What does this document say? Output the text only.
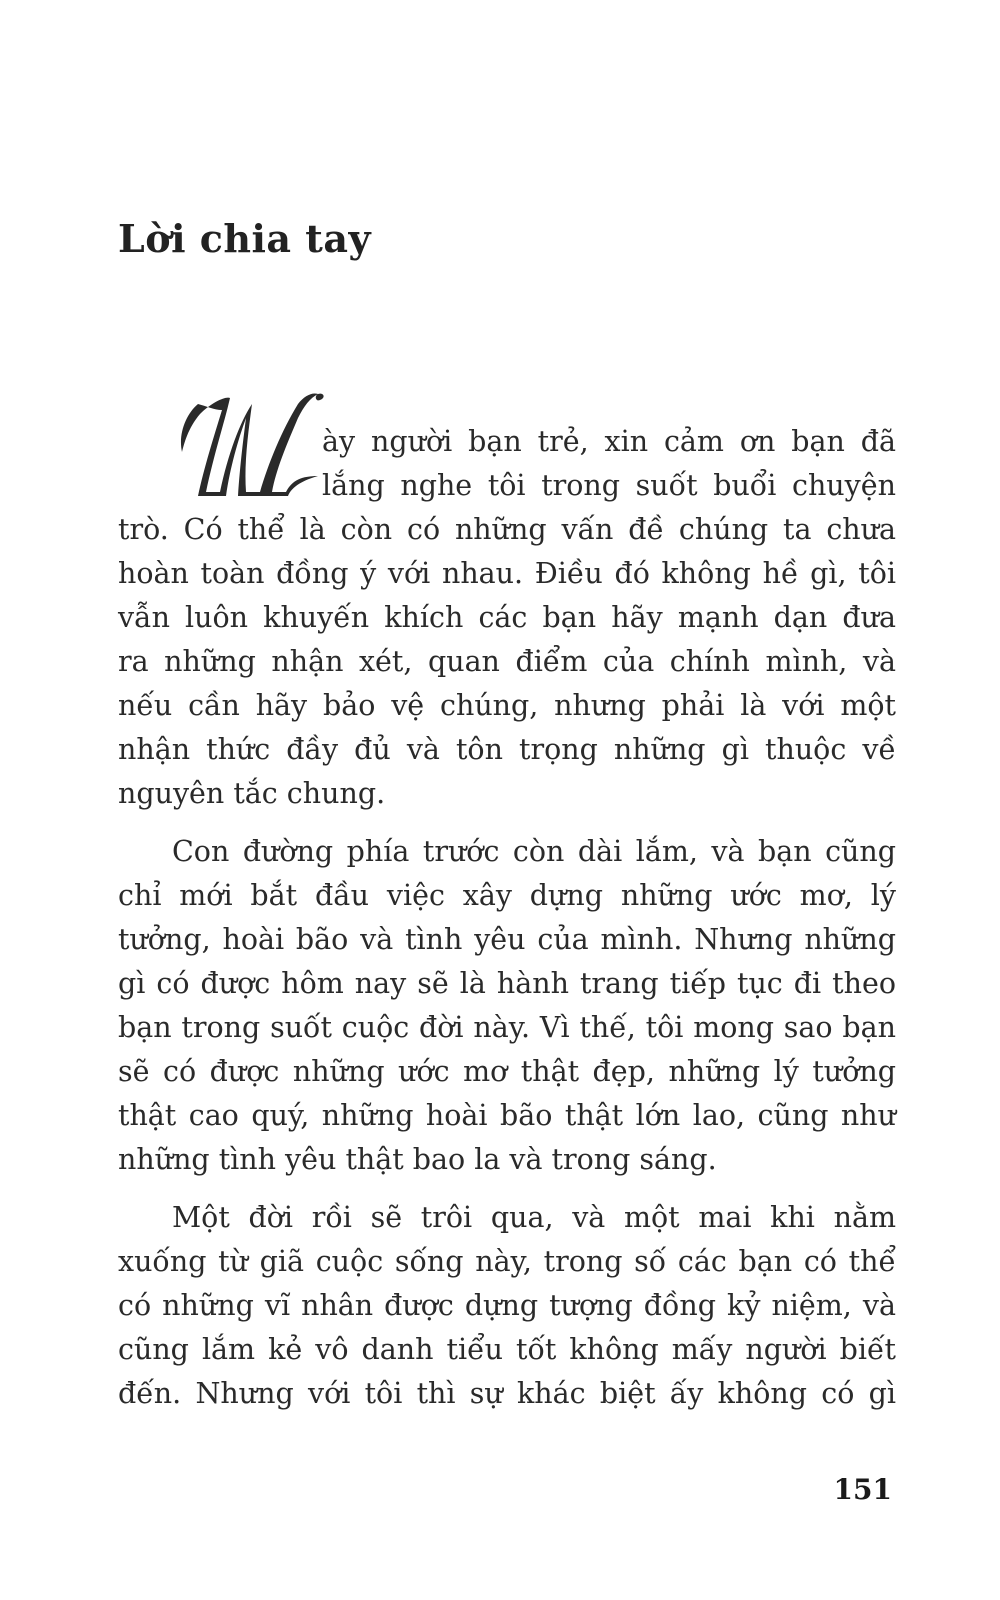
Lời chia tay
ày người bạn trẻ, xin cảm ơn bạn đã
lắng nghe tôi trong suốt buổi chuyện
trò. Có thể là còn có những vấn đề chúng ta chưa
hoàn toàn đồng ý với nhau. Điều đó không hề gì, tôi
vẫn luôn khuyến khích các bạn hãy mạnh dạn đưa
ra những nhận xét, quan điểm của chính mình, và
nếu cần hãy bảo vệ chúng, nhưng phải là với một
nhận thức đầy đủ và tôn trọng những gì thuộc về
nguyên tắc chung.
Con đường phía trước còn dài lắm, và bạn cũng
chỉ mới bắt đầu việc xây dựng những ước mơ, lý
tưởng, hoài bão và tình yêu của mình. Nhưng những
gì có được hôm nay sẽ là hành trang tiếp tục đi theo
bạn trong suốt cuộc đời này. Vì thế, tôi mong sao bạn
sẽ có được những ước mơ thật đẹp, những lý tưởng
thật cao quý, những hoài bão thật lớn lao, cũng như
những tình yêu thật bao la và trong sáng.
Một đời rồi sẽ trôi qua, và một mai khi nằm
xuống từ giã cuộc sống này, trong số các bạn có thể
có những vĩ nhân được dựng tượng đồng kỷ niệm, và
cũng lắm kẻ vô danh tiểu tốt không mấy người biết
đến. Nhưng với tôi thì sự khác biệt ấy không có gì
151
